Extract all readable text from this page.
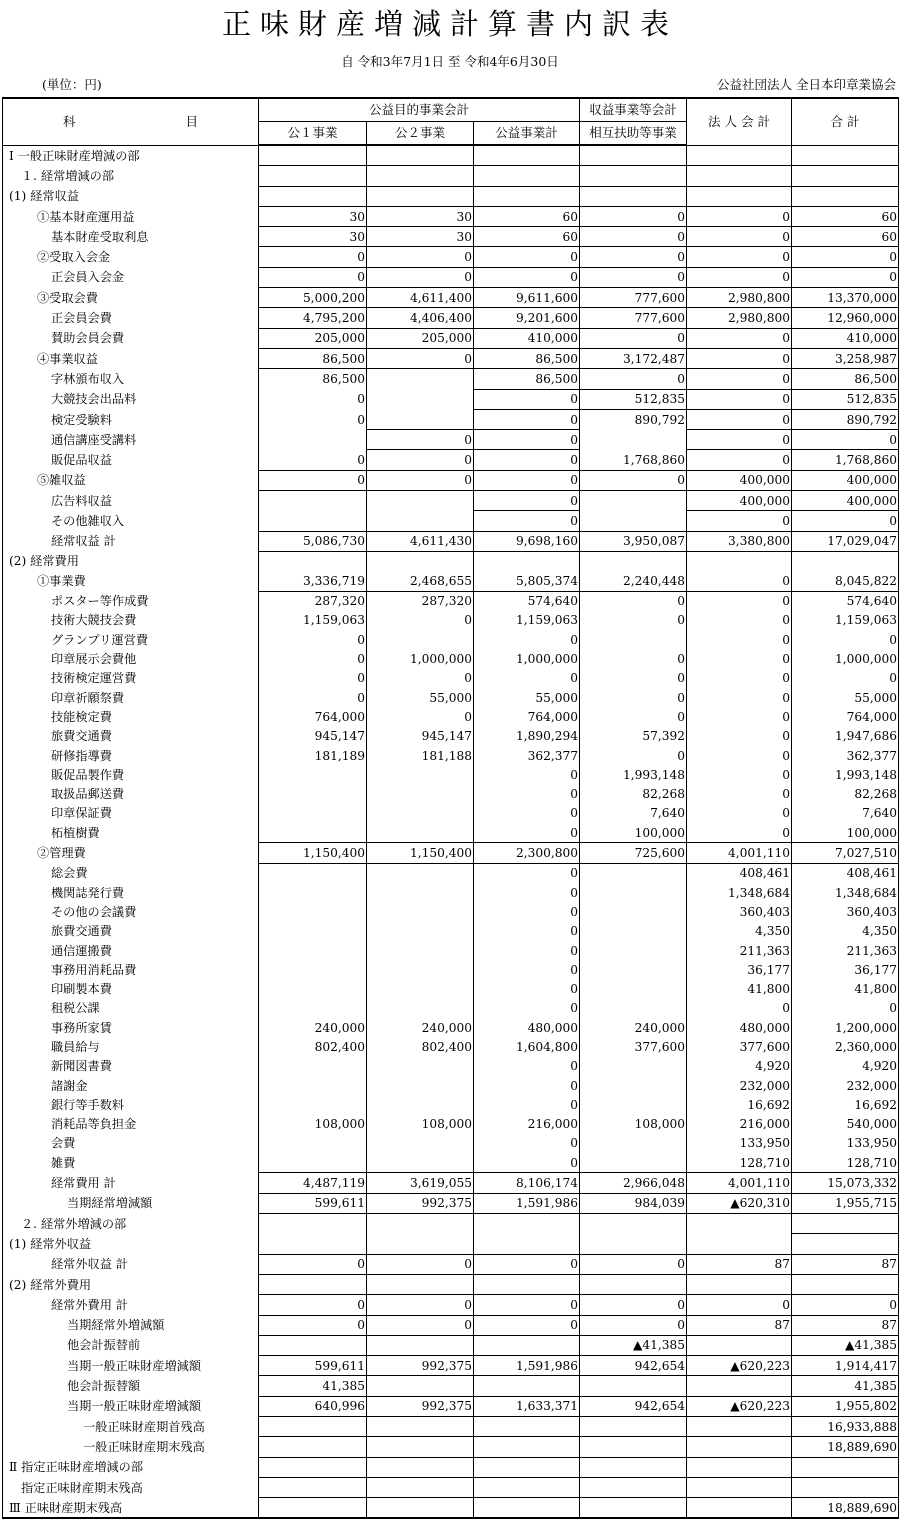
正味財産増減計算書内訳表
自 令和3年7月1日 至 令和4年6月30日
(単位：円)	公益社団法人 全日本印章業協会
科 目	公益目的事業会計			収益事業等会計	法 人 会 計	合 計
	公１事業	公２事業	公益事業計	相互扶助等事業		
Ⅰ 一般正味財産増減の部						
１. 経常増減の部						
(1) 経常収益						
①基本財産運用益	30	30	60	0	0	60
基本財産受取利息	30	30	60	0	0	60
②受取入会金	0	0	0	0	0	0
正会員入会金	0	0	0	0	0	0
③受取会費	5,000,200	4,611,400	9,611,600	777,600	2,980,800	13,370,000
正会員会費	4,795,200	4,406,400	9,201,600	777,600	2,980,800	12,960,000
賛助会員会費	205,000	205,000	410,000	0	0	410,000
④事業収益	86,500	0	86,500	3,172,487	0	3,258,987
字林頒布収入	86,500		86,500	0	0	86,500
大競技会出品料	0		0	512,835	0	512,835
検定受験料	0		0	890,792	0	890,792
通信講座受講料		0	0		0	0
販促品収益	0	0	0	1,768,860	0	1,768,860
⑤雑収益	0	0	0	0	400,000	400,000
広告料収益			0		400,000	400,000
その他雑収入			0		0	0
経常収益 計	5,086,730	4,611,430	9,698,160	3,950,087	3,380,800	17,029,047
(2) 経常費用						
①事業費	3,336,719	2,468,655	5,805,374	2,240,448	0	8,045,822
ポスター等作成費	287,320	287,320	574,640	0	0	574,640
技術大競技会費	1,159,063	0	1,159,063	0	0	1,159,063
グランプリ運営費	0		0		0	0
印章展示会費他	0	1,000,000	1,000,000	0	0	1,000,000
技術検定運営費	0	0	0	0	0	0
印章祈願祭費	0	55,000	55,000	0	0	55,000
技能検定費	764,000	0	764,000	0	0	764,000
旅費交通費	945,147	945,147	1,890,294	57,392	0	1,947,686
研修指導費	181,189	181,188	362,377	0	0	362,377
販促品製作費			0	1,993,148	0	1,993,148
取扱品郵送費			0	82,268	0	82,268
印章保証費			0	7,640	0	7,640
柘植樹費			0	100,000	0	100,000
②管理費	1,150,400	1,150,400	2,300,800	725,600	4,001,110	7,027,510
総会費			0		408,461	408,461
機関誌発行費			0		1,348,684	1,348,684
その他の会議費			0		360,403	360,403
旅費交通費			0		4,350	4,350
通信運搬費			0		211,363	211,363
事務用消耗品費			0		36,177	36,177
印刷製本費			0		41,800	41,800
租税公課			0		0	0
事務所家賃	240,000	240,000	480,000	240,000	480,000	1,200,000
職員給与	802,400	802,400	1,604,800	377,600	377,600	2,360,000
新聞図書費			0		4,920	4,920
諸謝金			0		232,000	232,000
銀行等手数料			0		16,692	16,692
消耗品等負担金	108,000	108,000	216,000	108,000	216,000	540,000
会費			0		133,950	133,950
雑費			0		128,710	128,710
経常費用 計	4,487,119	3,619,055	8,106,174	2,966,048	4,001,110	15,073,332
当期経常増減額	599,611	992,375	1,591,986	984,039	▲620,310	1,955,715
２. 経常外増減の部						
(1) 経常外収益						
経常外収益 計	0	0	0	0	87	87
(2) 経常外費用						
経常外費用 計	0	0	0	0	0	0
当期経常外増減額	0	0	0	0	87	87
他会計振替前				▲41,385		▲41,385
当期一般正味財産増減額	599,611	992,375	1,591,986	942,654	▲620,223	1,914,417
他会計振替額	41,385					41,385
当期一般正味財産増減額	640,996	992,375	1,633,371	942,654	▲620,223	1,955,802
一般正味財産期首残高						16,933,888
一般正味財産期末残高						18,889,690
Ⅱ 指定正味財産増減の部						
指定正味財産期末残高						
Ⅲ 正味財産期末残高						18,889,690
